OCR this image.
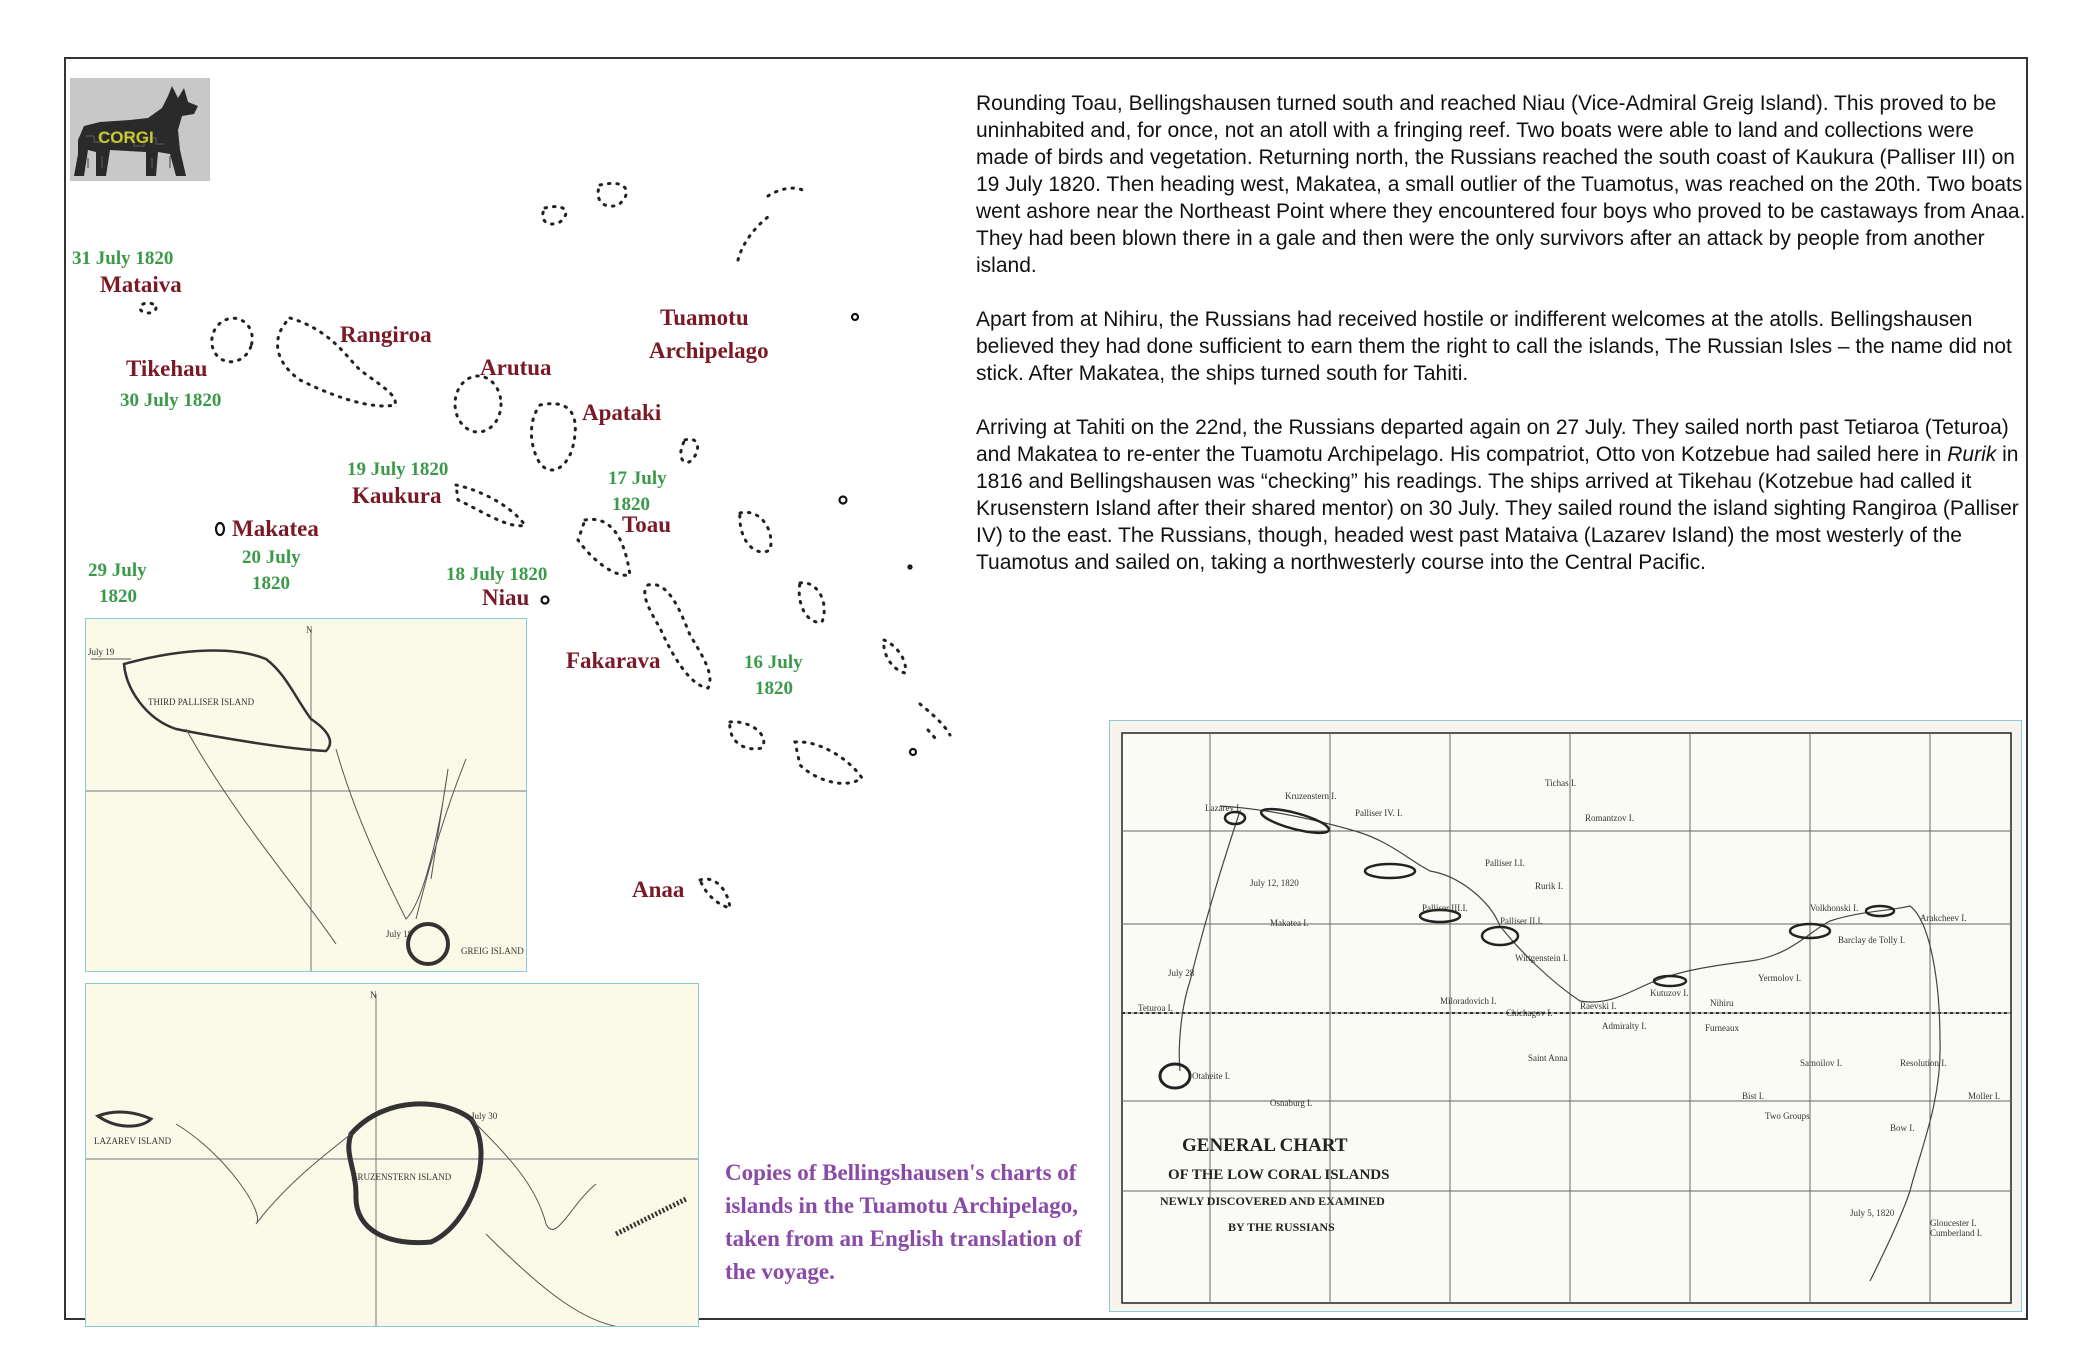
CORGI
31 July 1820
Mataiva
Rangiroa
Tikehau
30 July 1820
Arutua
Tuamotu
Archipelago
Apataki
19 July 1820	17 July
1820
Kaukura
Makatea	Toau
20 July
1820
29 July
1820
18 July 1820
Niau
Fakarava	16 July
1820
Anaa

Rounding Toau, Bellingshausen turned south and reached Niau (Vice-Admiral Greig Island). This proved to be uninhabited and, for once, not an atoll with a fringing reef. Two boats were able to land and collections were made of birds and vegetation. Returning north, the Russians reached the south coast of Kaukura (Palliser III) on 19 July 1820. Then heading west, Makatea, a small outlier of the Tuamotus, was reached on the 20th. Two boats went ashore near the Northeast Point where they encountered four boys who proved to be castaways from Anaa. They had been blown there in a gale and then were the only survivors after an attack by people from another island.

Apart from at Nihiru, the Russians had received hostile or indifferent welcomes at the atolls. Bellingshausen believed they had done sufficient to earn them the right to call the islands, The Russian Isles – the name did not stick. After Makatea, the ships turned south for Tahiti.

Arriving at Tahiti on the 22nd, the Russians departed again on 27 July. They sailed north past Tetiaroa (Teturoa) and Makatea to re-enter the Tuamotu Archipelago. His compatriot, Otto von Kotzebue had sailed here in Rurik in 1816 and Bellingshausen was “checking” his readings. The ships arrived at Tikehau (Kotzebue had called it Krusenstern Island after their shared mentor) on 30 July. They sailed round the island sighting Rangiroa (Palliser IV) to the east. The Russians, though, headed west past Mataiva (Lazarev Island) the most westerly of the Tuamotus and sailed on, taking a northwesterly course into the Central Pacific.

N
THIRD PALLISER ISLAND
July 19
July 18
GREIG ISLAND
N
LAZAREV ISLAND
KRUZENSTERN ISLAND
July 30
Copies of Bellingshausen's charts of islands in the Tuamotu Archipelago, taken from an English translation of the voyage.
Lazarev I.
Kruzenstern I.
Palliser IV. I.
Tichas I.
Romantzov I.
Palliser I.I.
Rurik I.
Palliser III.I.
Palliser II.I.
Makatea I.
Wittgenstein I.
Volkhonski I.
Arakcheev I.
Barclay de Tolly I.
Yermolov I.
Nihiru
Kutuzov I.
Raevski I.
Chichagov I.
Miloradovich I.
Teturoa I.
Saint Anna
Osnaburg I.
Otaheite I.
Bist I.
Samoilov I.	Resolution I.
Two Groups
Moller I.
Bow I.
Gloucester I.
Cumberland I.
Admiralty I.	Furneaux
July 5, 1820
July 12, 1820
July 28
GENERAL CHART
OF THE LOW CORAL ISLANDS
NEWLY DISCOVERED AND EXAMINED
BY THE RUSSIANS
